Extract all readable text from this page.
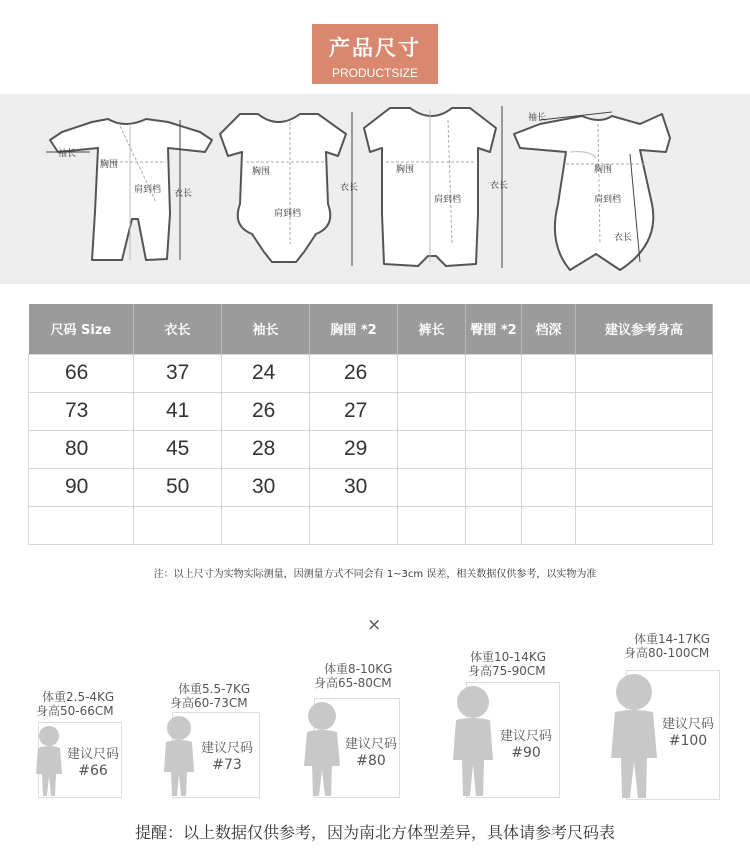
产品尺寸
PRODUCTSIZE
袖长
胸围
肩到档 衣长
胸围
肩到档
衣长
胸围
肩到档
衣长
袖长
胸围
肩到档
衣长
尺码 Size	衣长	袖长	胸围 *2	裤长	臀围 *2	档深	建议参考身高
66	37	24	26				
73	41	26	27				
80	45	28	29				
90	50	30	30				

注：以上尺寸为实物实际测量，因测量方式不同会有 1~3cm 误差，相关数据仅供参考，以实物为准
×
体重2.5-4KG
身高50-66CM
建议尺码
#66
体重5.5-7KG
身高60-73CM
建议尺码
#73
体重8-10KG
身高65-80CM
建议尺码
#80
体重10-14KG
身高75-90CM
建议尺码
#90
体重14-17KG
身高80-100CM
建议尺码
#100
提醒：以上数据仅供参考，因为南北方体型差异，具体请参考尺码表
